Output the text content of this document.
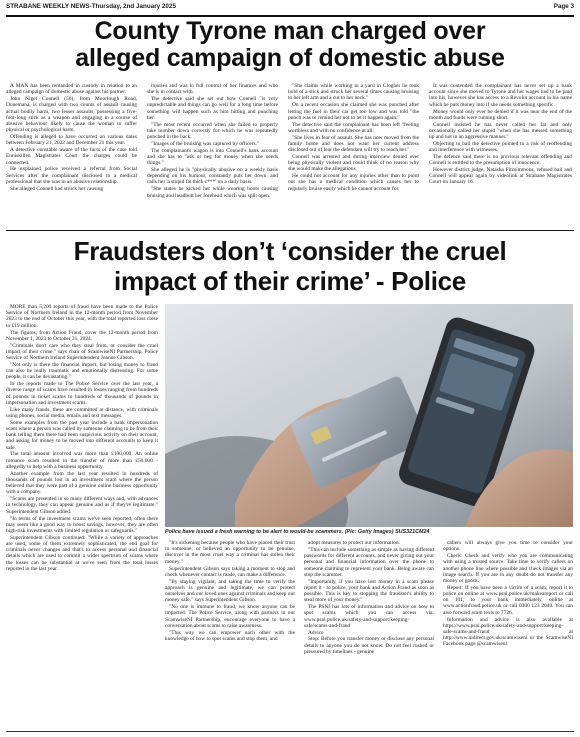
STRABANE WEEKLY NEWS-Thursday, 2nd January 2025	Page 3
County Tyrone man charged over
alleged campaign of domestic abuse

A MAN has been remanded in custody in relation to an alleged campaign of domestic abuse against his partner.

John Nigel Connell (50), from Moorlough Road, Donemana, is charged with two counts of assault causing actual bodily harm, two lesser assaults, possessing a five-foot-long stick as a weapon and engaging in a course of abusive behaviour likely to cause the woman to suffer physical or psychological harm.

Offending is alleged to have occurred on various dates between February 21, 2022 and December 21 this year.

A detective constable aware of the facts of the case told Enniskillen Magistrates Court the charges could be connected.

He explained police received a referral from Social Services after the complainant disclosed to a medical professional that she was in an abusive relationship.

She alleged Connell had struck her causing

injuries and was in full control of her finances and who she is in contact with.

The detective said she set out how Connell "is very unpredictable and things can go well for a long time before something will happen such as him hitting and punching her.

"The most recent occurred when she failed to properly take number down correctly for which he was repeatedly punched in the back.

"Images of the bruising was captured by officers."

The complainant's wagon is into Connell's bank account and she has to "ask or beg for money when she needs things."

She alleged he is "physically abusive on a weekly basis depending on his humour, constantly puts her down, and calls her 'a stupid fat thick c***' on a daily basis.

"She states he kicked her while wearing boots causing bruising and headbutt her forehead which was split open.

"She claims while working in a yard in Clogher he took hold of a stick and struck her several times causing bruising to her left arm and a cut to her neck."

On a recent occasion she claimed she was punched after letting the fuel in their car get too low and was told "the punch was to remind her not to let it happen again."

The detective said the complainant has been left "feeling worthless and with no confidence at all.

"She lives in fear of assault. She has now moved from the family home and does not want her current address disclosed out of fear the defendant will try to reach her."

Connell was arrested and during interview denied ever being physically violent and could think of no reason why she would make the allegations.

He could not account for any injuries other than to point out she has a medical condition which causes her to regularly bruise easily which he cannot account for.

It was contended the complainant has never set up a bank account since she moved to Tyrone and her wages had to be paid into his, however she has access to a Revolut account in his name which he puts money into if she needs something specific.

Money would only ever be denied if it was near the end of the month and funds were running short.

Connell insisted he has never called her fat and only occasionally called her stupid "when she has messed something up and not in an aggressive manner."

Objecting to bail the detective pointed to a risk of reoffending and interference with witnesses.

The defence said there is no previous relevant offending and Connell is entitled to the presumption of innocence.

However district judge, Natasha Fitzsimmons, refused bail and Connell will appear again by videolink at Strabane Magistrates Court on January 16.

Fraudsters don’t ‘consider the cruel
impact of their crime’ - Police

MORE than 5,200 reports of fraud have been made to the Police Service of Northern Ireland in the 12-month period from November 2023 to the end of October this year, with the total reported loss close to £19 million.

The figures, from Action Fraud, cover the 12-month period from November 1, 2023 to October 31, 2024.

"Criminals don't care who they steal from, or consider the cruel impact of their crime," says chair of ScamwiseNI Partnership, Police Service of Northern Ireland Superintendent Joanne Gibson.

"Not only is there the financial impact, but losing money to fraud can also be really traumatic and emotionally distressing. For some people, it can be devastating."

In the reports made to The Police Service over the last year, a diverse range of scams have resulted in losses ranging from hundreds of pounds in ticket scams to hundreds of thousands of pounds in impersonation and investment scams.

Like many frauds, these are committed at distance, with criminals using phones, social media, emails and text messages.

Some examples from the past year include a bank impersonation scam where a person was called by someone claiming to be from their bank telling them there had been suspicious activity on their account, and asking for money to be moved into different accounts to keep it safe.

The total amount involved was more than £100,000. An online romance scam resulted in the transfer of more than £50,000 - allegedly to help with a business opportunity.

Another example from the last year resulted in hundreds of thousands of pounds lost in an investment scam where the person believed that they were part of a genuine online business opportunity with a company.

"Scams are presented in so many different ways and, with advances in technology, they can appear genuine and as if they're legitimate," Superintendent Gibson added.

"In terms of the investment scams we've seen reported, often there may seem like a good way to boost savings, however, they are often high-risk investments with limited regulation or safeguards."

Superintendent Gibson continued: "While a variety of approaches are used, some of them extremely sophisticated, the end goal for criminals never changes and that's to access personal and financial details which are used to commit a wider spectrum of scams where the losses can be substantial at we've seen from the total losses reported in the last year.

Police have issued a fresh warning to be alert to would-be scammers. (Pic: Getty Images) SUS321CM24

"It's sickening because people who have placed their trust in someone, or believed an opportunity to be genuine, discover in the most cruel way a criminal has stolen their money."

Superintendent Gibson says taking a moment to stop and check whenever contact is made, can make a difference.

"By staying vigilant, and taking the time to verify the approach is genuine and legitimate, we can protect ourselves and our loved ones against criminals and keep our money safe," says Superintendent Gibson.

"No one is immune to fraud, we know anyone can be impacted. The Police Service, along with partners in our ScamwiseNI Partnership, encourage everyone to have a conversation about scams to raise awareness.

"This way we can empower each other with the knowledge of how to spot scams and stop them, and

adopt measures to protect our information.

"This can include something as simple as having different passwords for different accounts, and never giving out your personal and financial information over the phone to someone claiming to represent your bank. Being aware can stop the scammer.

"Importantly, if you have lost money in a scam please report it - to police, your bank and Action Fraud as soon as possible. This is key to stopping the fraudster's ability to steal more of your money."

The PSNI has lots of information and advice on how to spot scams which you can access via: www.psni.police.uk/safety-and-support/keeping-safe/scams-and-fraud

Advice

Stop: Before you transfer money or disclose any personal details to anyone you do not know. Do not feel rushed or pressured by timelines - genuine

callers will always give you time to consider your options.

Check: Check and verify who you are communicating with using a trusted source. Take time to verify callers on another phone line where possible and check images via an image search. If you are in any doubt do not transfer any money or goods.

Report: If you have been a victim of a scam, report it to police on online at www.psni.police.uk/makeareport or call on 101, to your bank immediately, online at www.actionfraud.police.uk or call 0300 123 2040. You can also forward scam texts to 7726.

Information and advice is also available at https://www.psni.police.uk/safety-and-support/keeping-safe-scams-and-fraud at http://www.nidirect.gov.uk/scamwiseni or the ScamwiseNI Facebook page @scamwiseni
